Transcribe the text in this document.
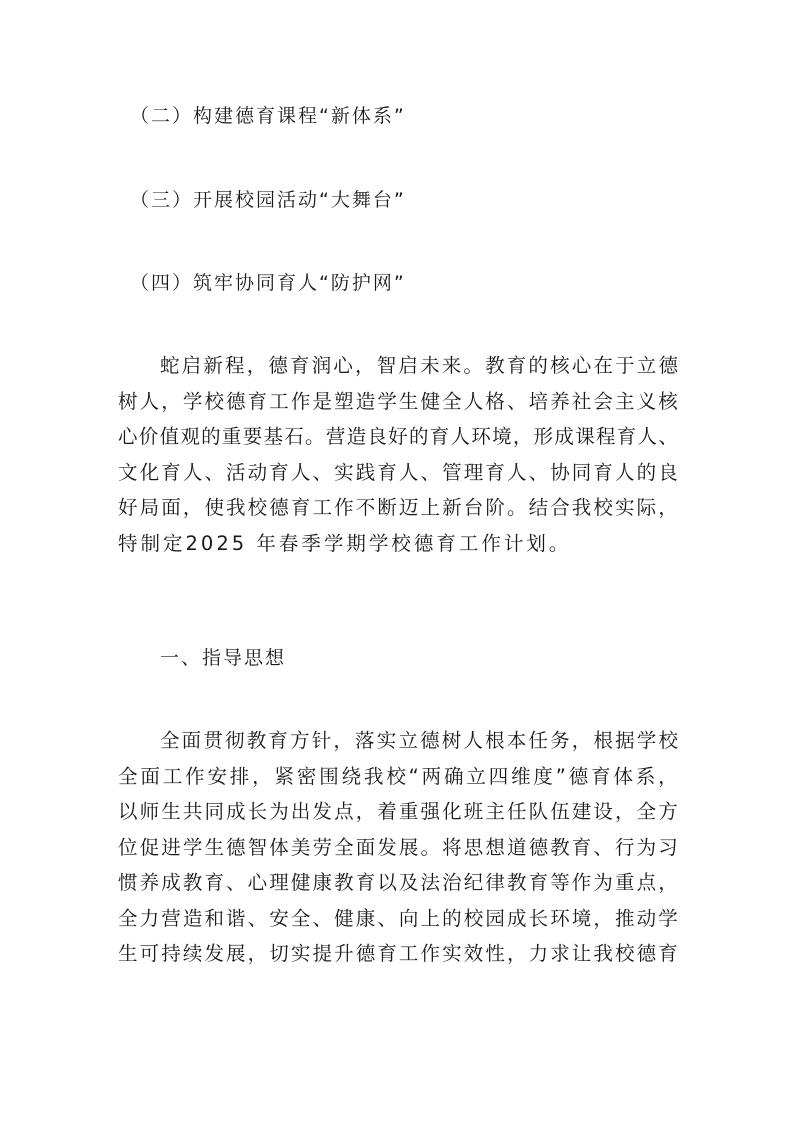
（二）构建德育课程“新体系”
（三）开展校园活动“大舞台”
（四）筑牢协同育人“防护网”
蛇 启 新 程 ， 德 育 润 心 ， 智 启 未 来 。 教 育 的 核 心 在 于 立 德
树 人 ， 学 校 德 育 工 作 是 塑 造 学 生 健 全 人 格 、 培 养 社 会 主 义 核
心 价 值 观 的 重 要 基 石 。 营 造 良 好 的 育 人 环 境 ， 形 成 课 程 育 人 、
文 化 育 人 、 活 动 育 人 、 实 践 育 人 、 管 理 育 人 、 协 同 育 人 的 良
好 局 面 ， 使 我 校 德 育 工 作 不 断 迈 上 新 台 阶 。 结 合 我 校 实 际 ，
特制定2025 年春季学期学校德育工作计划。
一、指导思想
全 面 贯 彻 教 育 方 针 ， 落 实 立 德 树 人 根 本 任 务 ， 根 据 学 校
全 面 工 作 安 排 ， 紧 密 围 绕 我 校 “ 两 确 立 四 维 度 ” 德 育 体 系 ，
以 师 生 共 同 成 长 为 出 发 点 ， 着 重 强 化 班 主 任 队 伍 建 设 ， 全 方
位 促 进 学 生 德 智 体 美 劳 全 面 发 展 。 将 思 想 道 德 教 育 、 行 为 习
惯 养 成 教 育 、 心 理 健 康 教 育 以 及 法 治 纪 律 教 育 等 作 为 重 点 ，
全 力 营 造 和 谐 、 安 全 、 健 康 、 向 上 的 校 园 成 长 环 境 ， 推 动 学
生 可 持 续 发 展 ， 切 实 提 升 德 育 工 作 实 效 性 ， 力 求 让 我 校 德 育
